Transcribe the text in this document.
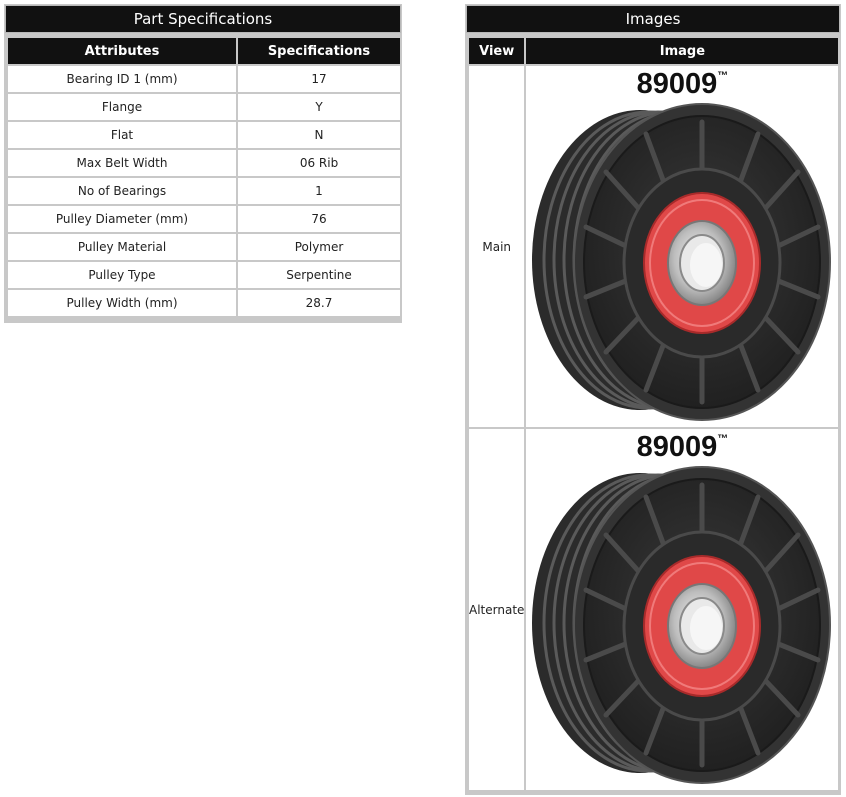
Part Specifications
Attributes	Specifications
Bearing ID 1 (mm)	17
Flange	Y
Flat	N
Max Belt Width	06 Rib
No of Bearings	1
Pulley Diameter (mm)	76
Pulley Material	Polymer
Pulley Type	Serpentine
Pulley Width (mm)	28.7
Images
View	Image
Main	89009™

Alternate	89009™
